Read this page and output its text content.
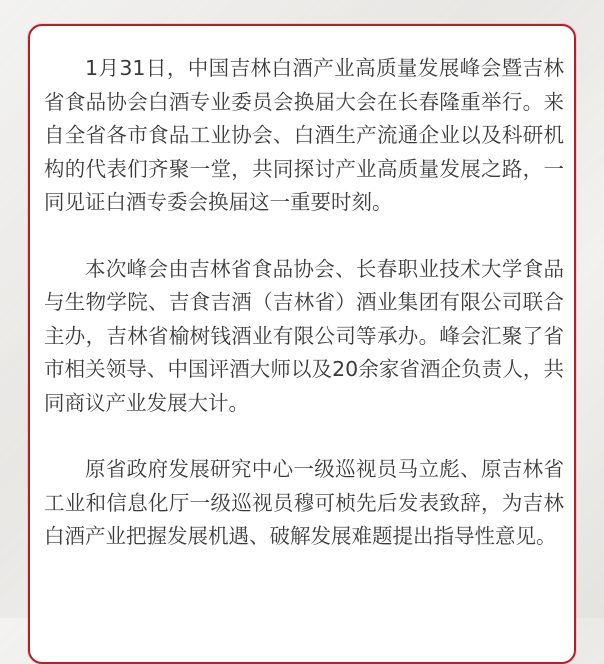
1月31日，中国吉林白酒产业高质量发展峰会暨吉林省食品协会白酒专业委员会换届大会在长春隆重举行。来自全省各市食品工业协会、白酒生产流通企业以及科研机构的代表们齐聚一堂，共同探讨产业高质量发展之路，一同见证白酒专委会换届这一重要时刻。

本次峰会由吉林省食品协会、长春职业技术大学食品与生物学院、吉食吉酒（吉林省）酒业集团有限公司联合主办，吉林省榆树钱酒业有限公司等承办。峰会汇聚了省市相关领导、中国评酒大师以及20余家省酒企负责人，共同商议产业发展大计。

原省政府发展研究中心一级巡视员马立彪、原吉林省工业和信息化厅一级巡视员穆可桢先后发表致辞，为吉林白酒产业把握发展机遇、破解发展难题提出指导性意见。
